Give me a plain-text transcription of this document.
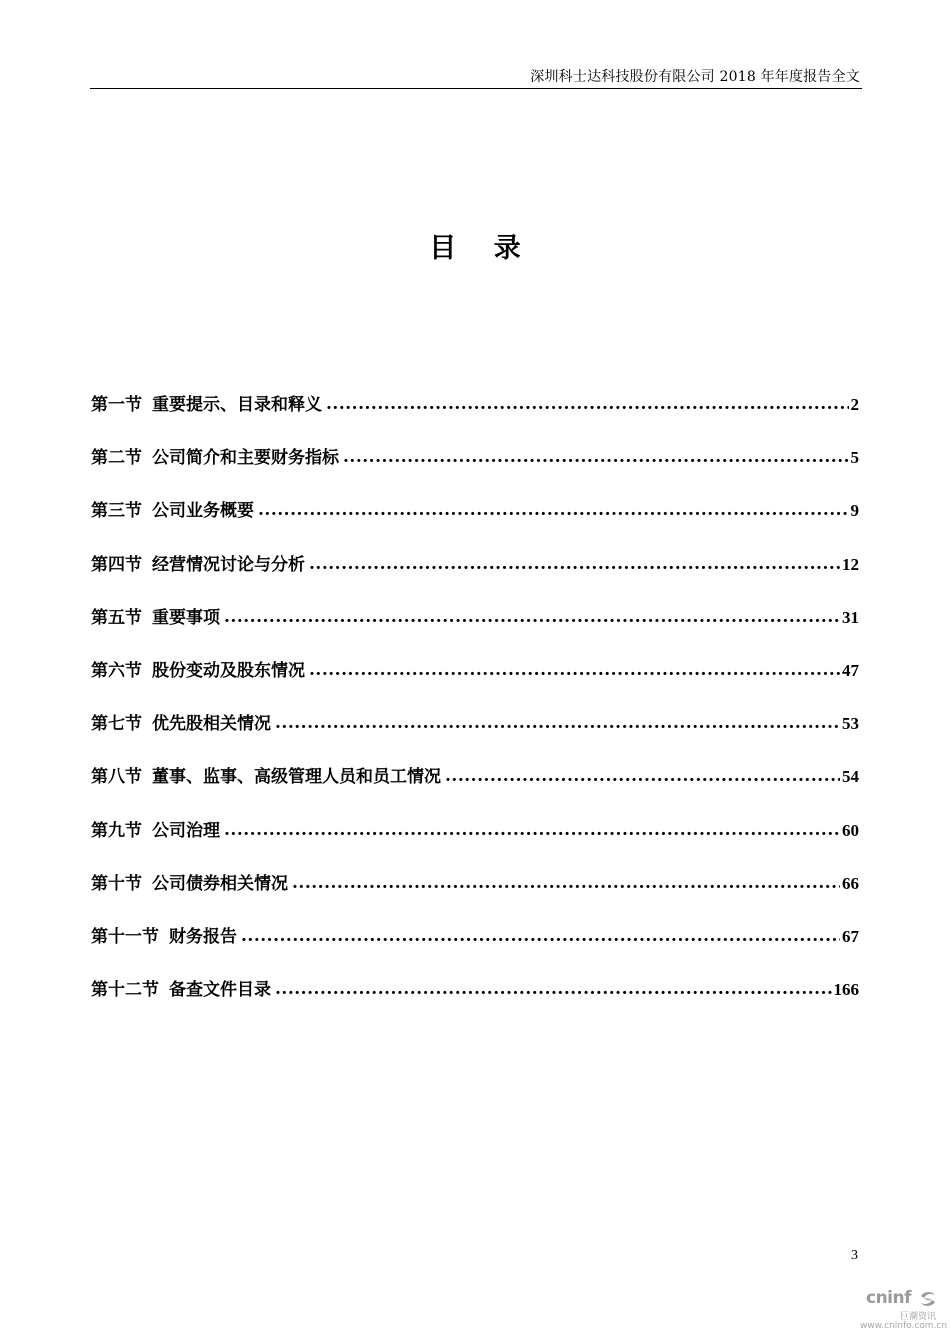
深圳科士达科技股份有限公司 2018 年年度报告全文
目 录
第一节 重要提示、目录和释义 .....	2
第二节 公司简介和主要财务指标 .....	5
第三节 公司业务概要 .....	9
第四节 经营情况讨论与分析 .....	12
第五节 重要事项 .....	31
第六节 股份变动及股东情况 .....	47
第七节 优先股相关情况 .....	53
第八节 董事、监事、高级管理人员和员工情况 .....	54
第九节 公司治理 .....	60
第十节 公司债券相关情况 .....	66
第十一节 财务报告 .....	67
第十二节 备查文件目录 .....	166
3
cninf
巨潮资讯
www.cninfo.com.cn
